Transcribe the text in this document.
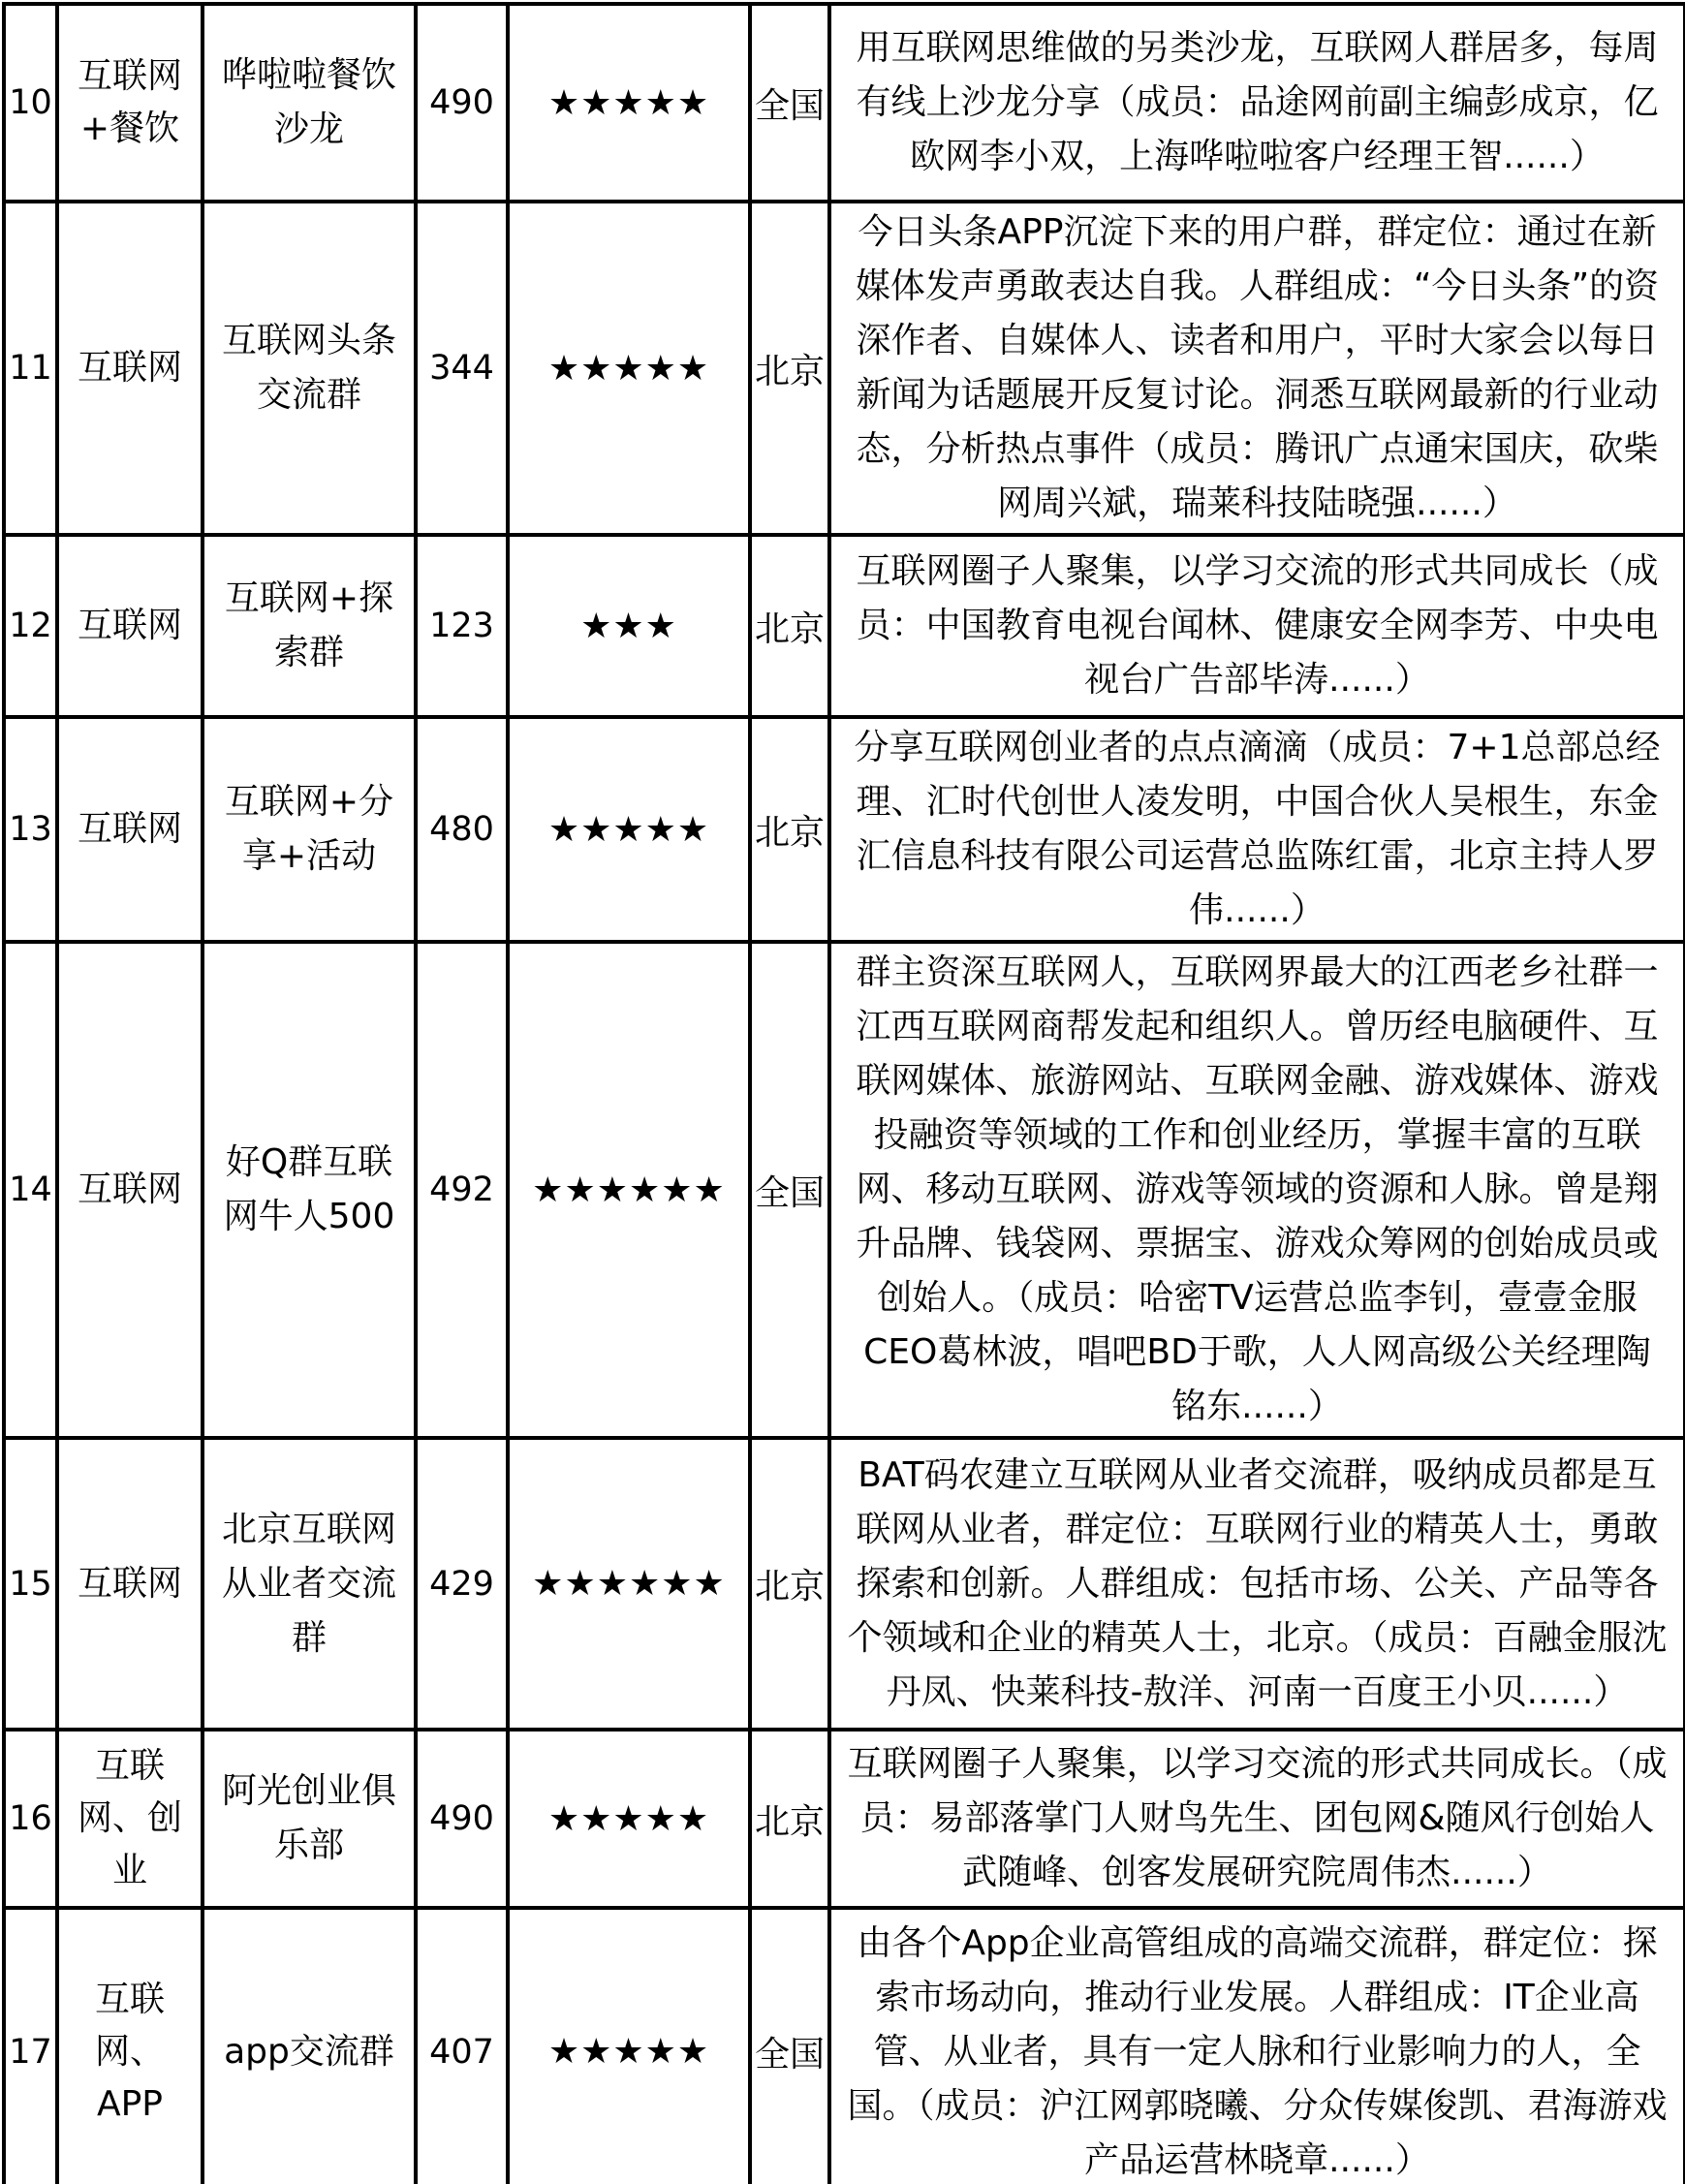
10	互联网+餐饮	哗啦啦餐饮沙龙	490	★★★★★	全国	用互联网思维做的另类沙龙，互联网人群居多，每周有线上沙龙分享（成员：品途网前副主编彭成京，亿欧网李小双，上海哗啦啦客户经理王智......）
11	互联网	互联网头条交流群	344	★★★★★	北京	今日头条APP沉淀下来的用户群，群定位：通过在新媒体发声勇敢表达自我。人群组成：“今日头条”的资深作者、自媒体人、读者和用户，平时大家会以每日新闻为话题展开反复讨论。洞悉互联网最新的行业动态，分析热点事件（成员：腾讯广点通宋国庆，砍柴网周兴斌，瑞莱科技陆晓强......）
12	互联网	互联网+探索群	123	★★★	北京	互联网圈子人聚集，以学习交流的形式共同成长（成员：中国教育电视台闻林、健康安全网李芳、中央电视台广告部毕涛......）
13	互联网	互联网+分享+活动	480	★★★★★	北京	分享互联网创业者的点点滴滴（成员：7+1总部总经理、汇时代创世人凌发明，中国合伙人吴根生，东金汇信息科技有限公司运营总监陈红雷，北京主持人罗伟......）
14	互联网	好Q群互联网牛人500	492	★★★★★★	全国	群主资深互联网人，互联网界最大的江西老乡社群一江西互联网商帮发起和组织人。曾历经电脑硬件、互联网媒体、旅游网站、互联网金融、游戏媒体、游戏投融资等领域的工作和创业经历，掌握丰富的互联网、移动互联网、游戏等领域的资源和人脉。曾是翔升品牌、钱袋网、票据宝、游戏众筹网的创始成员或创始人。（成员：哈密TV运营总监李钊，壹壹金服CEO葛林波，唱吧BD于歌，人人网高级公关经理陶铭东......）
15	互联网	北京互联网从业者交流群	429	★★★★★★	北京	BAT码农建立互联网从业者交流群，吸纳成员都是互联网从业者，群定位：互联网行业的精英人士，勇敢探索和创新。人群组成：包括市场、公关、产品等各个领域和企业的精英人士，北京。（成员：百融金服沈丹凤、快莱科技-敖洋、河南一百度王小贝......）
16	互联网、创业	阿光创业俱乐部	490	★★★★★	北京	互联网圈子人聚集，以学习交流的形式共同成长。（成员：易部落掌门人财鸟先生、团包网&随风行创始人武随峰、创客发展研究院周伟杰......）
17	互联网、APP	app交流群	407	★★★★★	全国	由各个App企业高管组成的高端交流群，群定位：探索市场动向，推动行业发展。人群组成：IT企业高管、从业者，具有一定人脉和行业影响力的人，全国。（成员：沪江网郭晓曦、分众传媒俊凯、君海游戏产品运营林晓章......）
